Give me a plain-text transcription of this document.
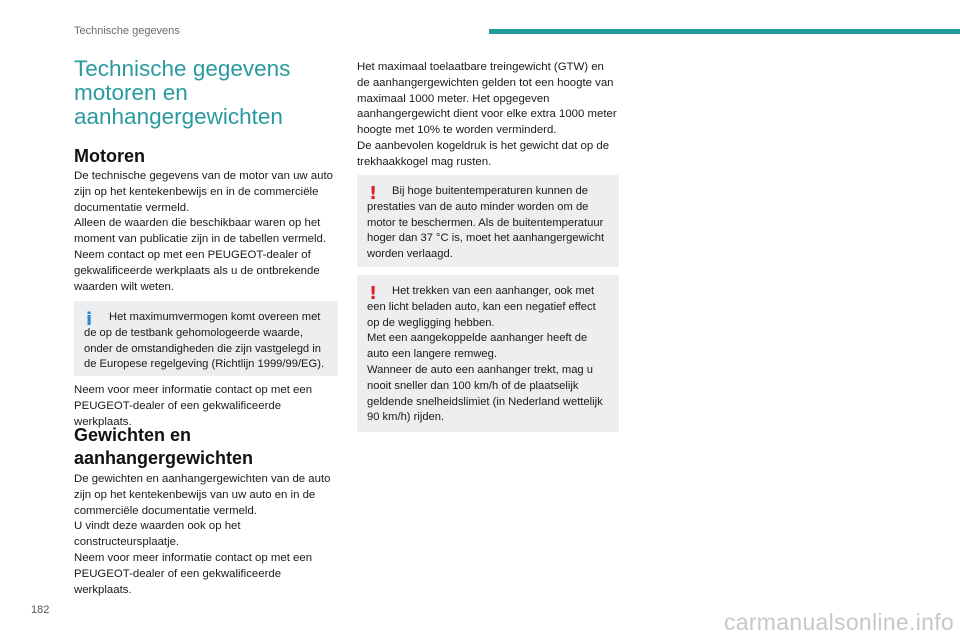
Technische gegevens
Technische gegevens motoren en aanhangergewichten
Motoren

De technische gegevens van de motor van uw auto zijn op het kentekenbewijs en in de commerciële documentatie vermeld.

Alleen de waarden die beschikbaar waren op het moment van publicatie zijn in de tabellen vermeld. Neem contact op met een PEUGEOT-dealer of gekwalificeerde werkplaats als u de ontbrekende waarden wilt weten.

i	Het maximumvermogen komt overeen met de op de testbank gehomologeerde waarde, onder de omstandigheden die zijn vastgelegd in de Europese regelgeving (Richtlijn 1999/99/EG).

Neem voor meer informatie contact op met een PEUGEOT-dealer of een gekwalificeerde werkplaats.
Gewichten en aanhangergewichten

De gewichten en aanhangergewichten van de auto zijn op het kentekenbewijs van uw auto en in de commerciële documentatie vermeld.

U vindt deze waarden ook op het constructeursplaatje.

Neem voor meer informatie contact op met een PEUGEOT-dealer of een gekwalificeerde werkplaats.

Het maximaal toelaatbare treingewicht (GTW) en de aanhangergewichten gelden tot een hoogte van maximaal 1000 meter. Het opgegeven aanhangergewicht dient voor elke extra 1000 meter hoogte met 10% te worden verminderd.

De aanbevolen kogeldruk is het gewicht dat op de trekhaakkogel mag rusten.

!	Bij hoge buitentemperaturen kunnen de prestaties van de auto minder worden om de motor te beschermen. Als de buitentemperatuur hoger dan 37 °C is, moet het aanhangergewicht worden verlaagd.

!	Het trekken van een aanhanger, ook met een licht beladen auto, kan een negatief effect op de wegligging hebben.

Met een aangekoppelde aanhanger heeft de auto een langere remweg.

Wanneer de auto een aanhanger trekt, mag u nooit sneller dan 100 km/h of de plaatselijk geldende snelheidslimiet (in Nederland wettelijk 90 km/h) rijden.

182	carmanualsonline.info
